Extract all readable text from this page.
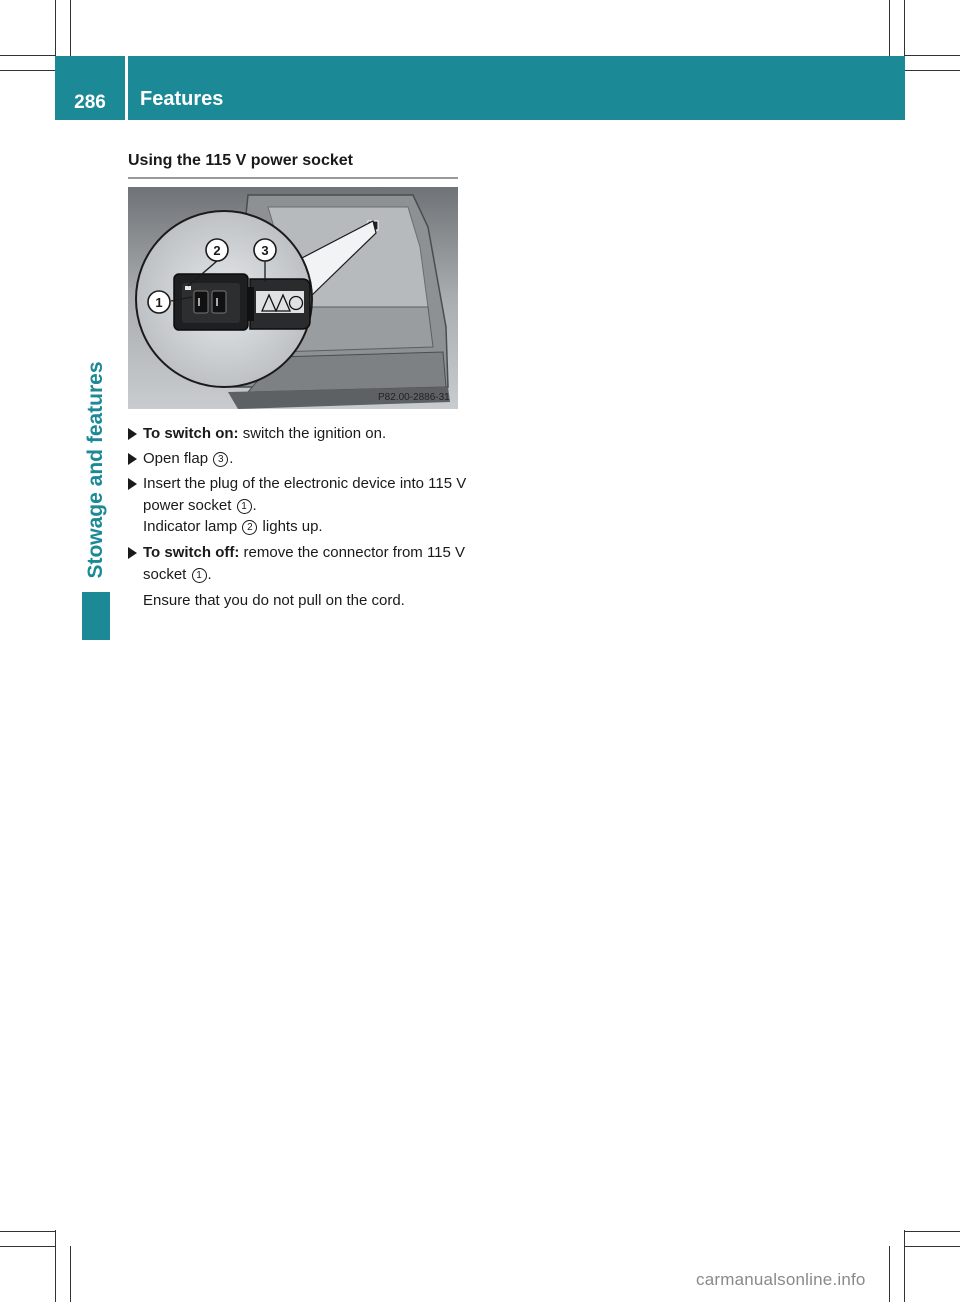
286	Features
Stowage and features
Using the 115 V power socket
1
2	3
P82.00-2886-31
To switch on: switch the ignition on.
Open flap 3 .
Insert the plug of the electronic device into 115 V power socket 1 .
Indicator lamp 2 lights up.
To switch off: remove the connector from 115 V socket 1 .
Ensure that you do not pull on the cord.
carmanualsonline.info
